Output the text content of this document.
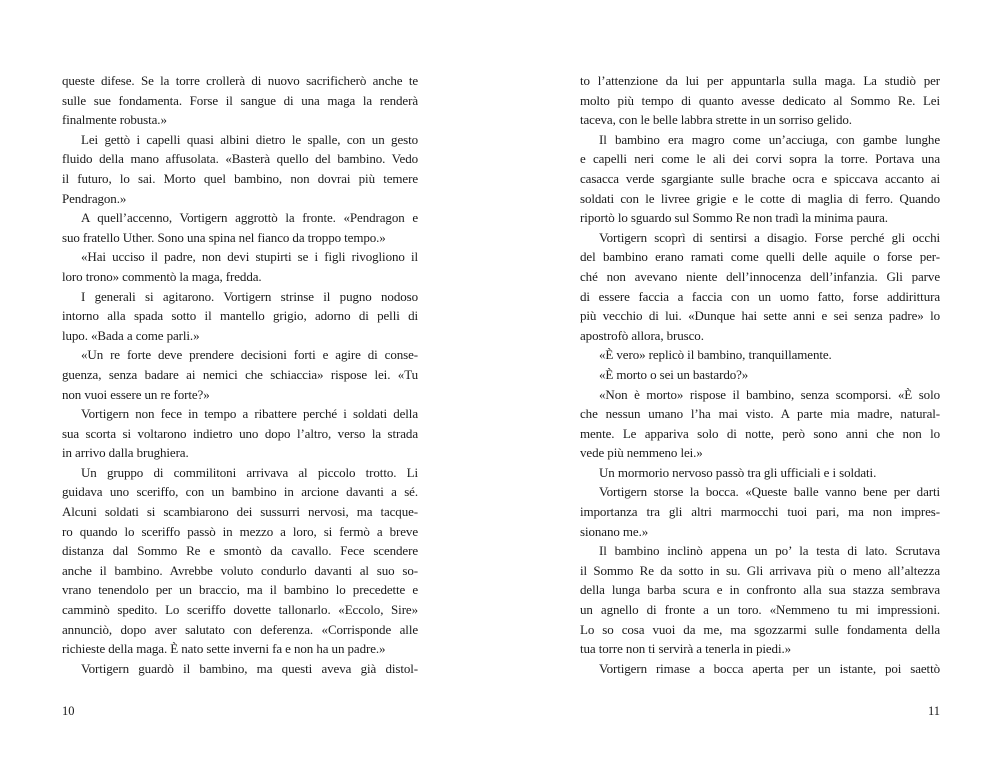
queste difese. Se la torre crollerà di nuovo sacrificherò anche te
sulle sue fondamenta. Forse il sangue di una maga la renderà
finalmente robusta.»
Lei gettò i capelli quasi albini dietro le spalle, con un gesto
fluido della mano affusolata. «Basterà quello del bambino. Vedo
il futuro, lo sai. Morto quel bambino, non dovrai più temere
Pendragon.»
A quell’accenno, Vortigern aggrottò la fronte. «Pendragon e
suo fratello Uther. Sono una spina nel fianco da troppo tempo.»
«Hai ucciso il padre, non devi stupirti se i figli rivogliono il
loro trono» commentò la maga, fredda.
I generali si agitarono. Vortigern strinse il pugno nodoso
intorno alla spada sotto il mantello grigio, adorno di pelli di
lupo. «Bada a come parli.»
«Un re forte deve prendere decisioni forti e agire di conse-
guenza, senza badare ai nemici che schiaccia» rispose lei. «Tu
non vuoi essere un re forte?»
Vortigern non fece in tempo a ribattere perché i soldati della
sua scorta si voltarono indietro uno dopo l’altro, verso la strada
in arrivo dalla brughiera.
Un gruppo di commilitoni arrivava al piccolo trotto. Li
guidava uno sceriffo, con un bambino in arcione davanti a sé.
Alcuni soldati si scambiarono dei sussurri nervosi, ma tacque-
ro quando lo sceriffo passò in mezzo a loro, si fermò a breve
distanza dal Sommo Re e smontò da cavallo. Fece scendere
anche il bambino. Avrebbe voluto condurlo davanti al suo so-
vrano tenendolo per un braccio, ma il bambino lo precedette e
camminò spedito. Lo sceriffo dovette tallonarlo. «Eccolo, Sire»
annunciò, dopo aver salutato con deferenza. «Corrisponde alle
richieste della maga. È nato sette inverni fa e non ha un padre.»
Vortigern guardò il bambino, ma questi aveva già distol-
10
to l’attenzione da lui per appuntarla sulla maga. La studiò per
molto più tempo di quanto avesse dedicato al Sommo Re. Lei
taceva, con le belle labbra strette in un sorriso gelido.
Il bambino era magro come un’acciuga, con gambe lunghe
e capelli neri come le ali dei corvi sopra la torre. Portava una
casacca verde sgargiante sulle brache ocra e spiccava accanto ai
soldati con le livree grigie e le cotte di maglia di ferro. Quando
riportò lo sguardo sul Sommo Re non tradì la minima paura.
Vortigern scoprì di sentirsi a disagio. Forse perché gli occhi
del bambino erano ramati come quelli delle aquile o forse per-
ché non avevano niente dell’innocenza dell’infanzia. Gli parve
di essere faccia a faccia con un uomo fatto, forse addirittura
più vecchio di lui. «Dunque hai sette anni e sei senza padre» lo
apostrofò allora, brusco.
«È vero» replicò il bambino, tranquillamente.
«È morto o sei un bastardo?»
«Non è morto» rispose il bambino, senza scomporsi. «È solo
che nessun umano l’ha mai visto. A parte mia madre, natural-
mente. Le appariva solo di notte, però sono anni che non lo
vede più nemmeno lei.»
Un mormorio nervoso passò tra gli ufficiali e i soldati.
Vortigern storse la bocca. «Queste balle vanno bene per darti
importanza tra gli altri marmocchi tuoi pari, ma non impres-
sionano me.»
Il bambino inclinò appena un po’ la testa di lato. Scrutava
il Sommo Re da sotto in su. Gli arrivava più o meno all’altezza
della lunga barba scura e in confronto alla sua stazza sembrava
un agnello di fronte a un toro. «Nemmeno tu mi impressioni.
Lo so cosa vuoi da me, ma sgozzarmi sulle fondamenta della
tua torre non ti servirà a tenerla in piedi.»
Vortigern rimase a bocca aperta per un istante, poi saettò
11
